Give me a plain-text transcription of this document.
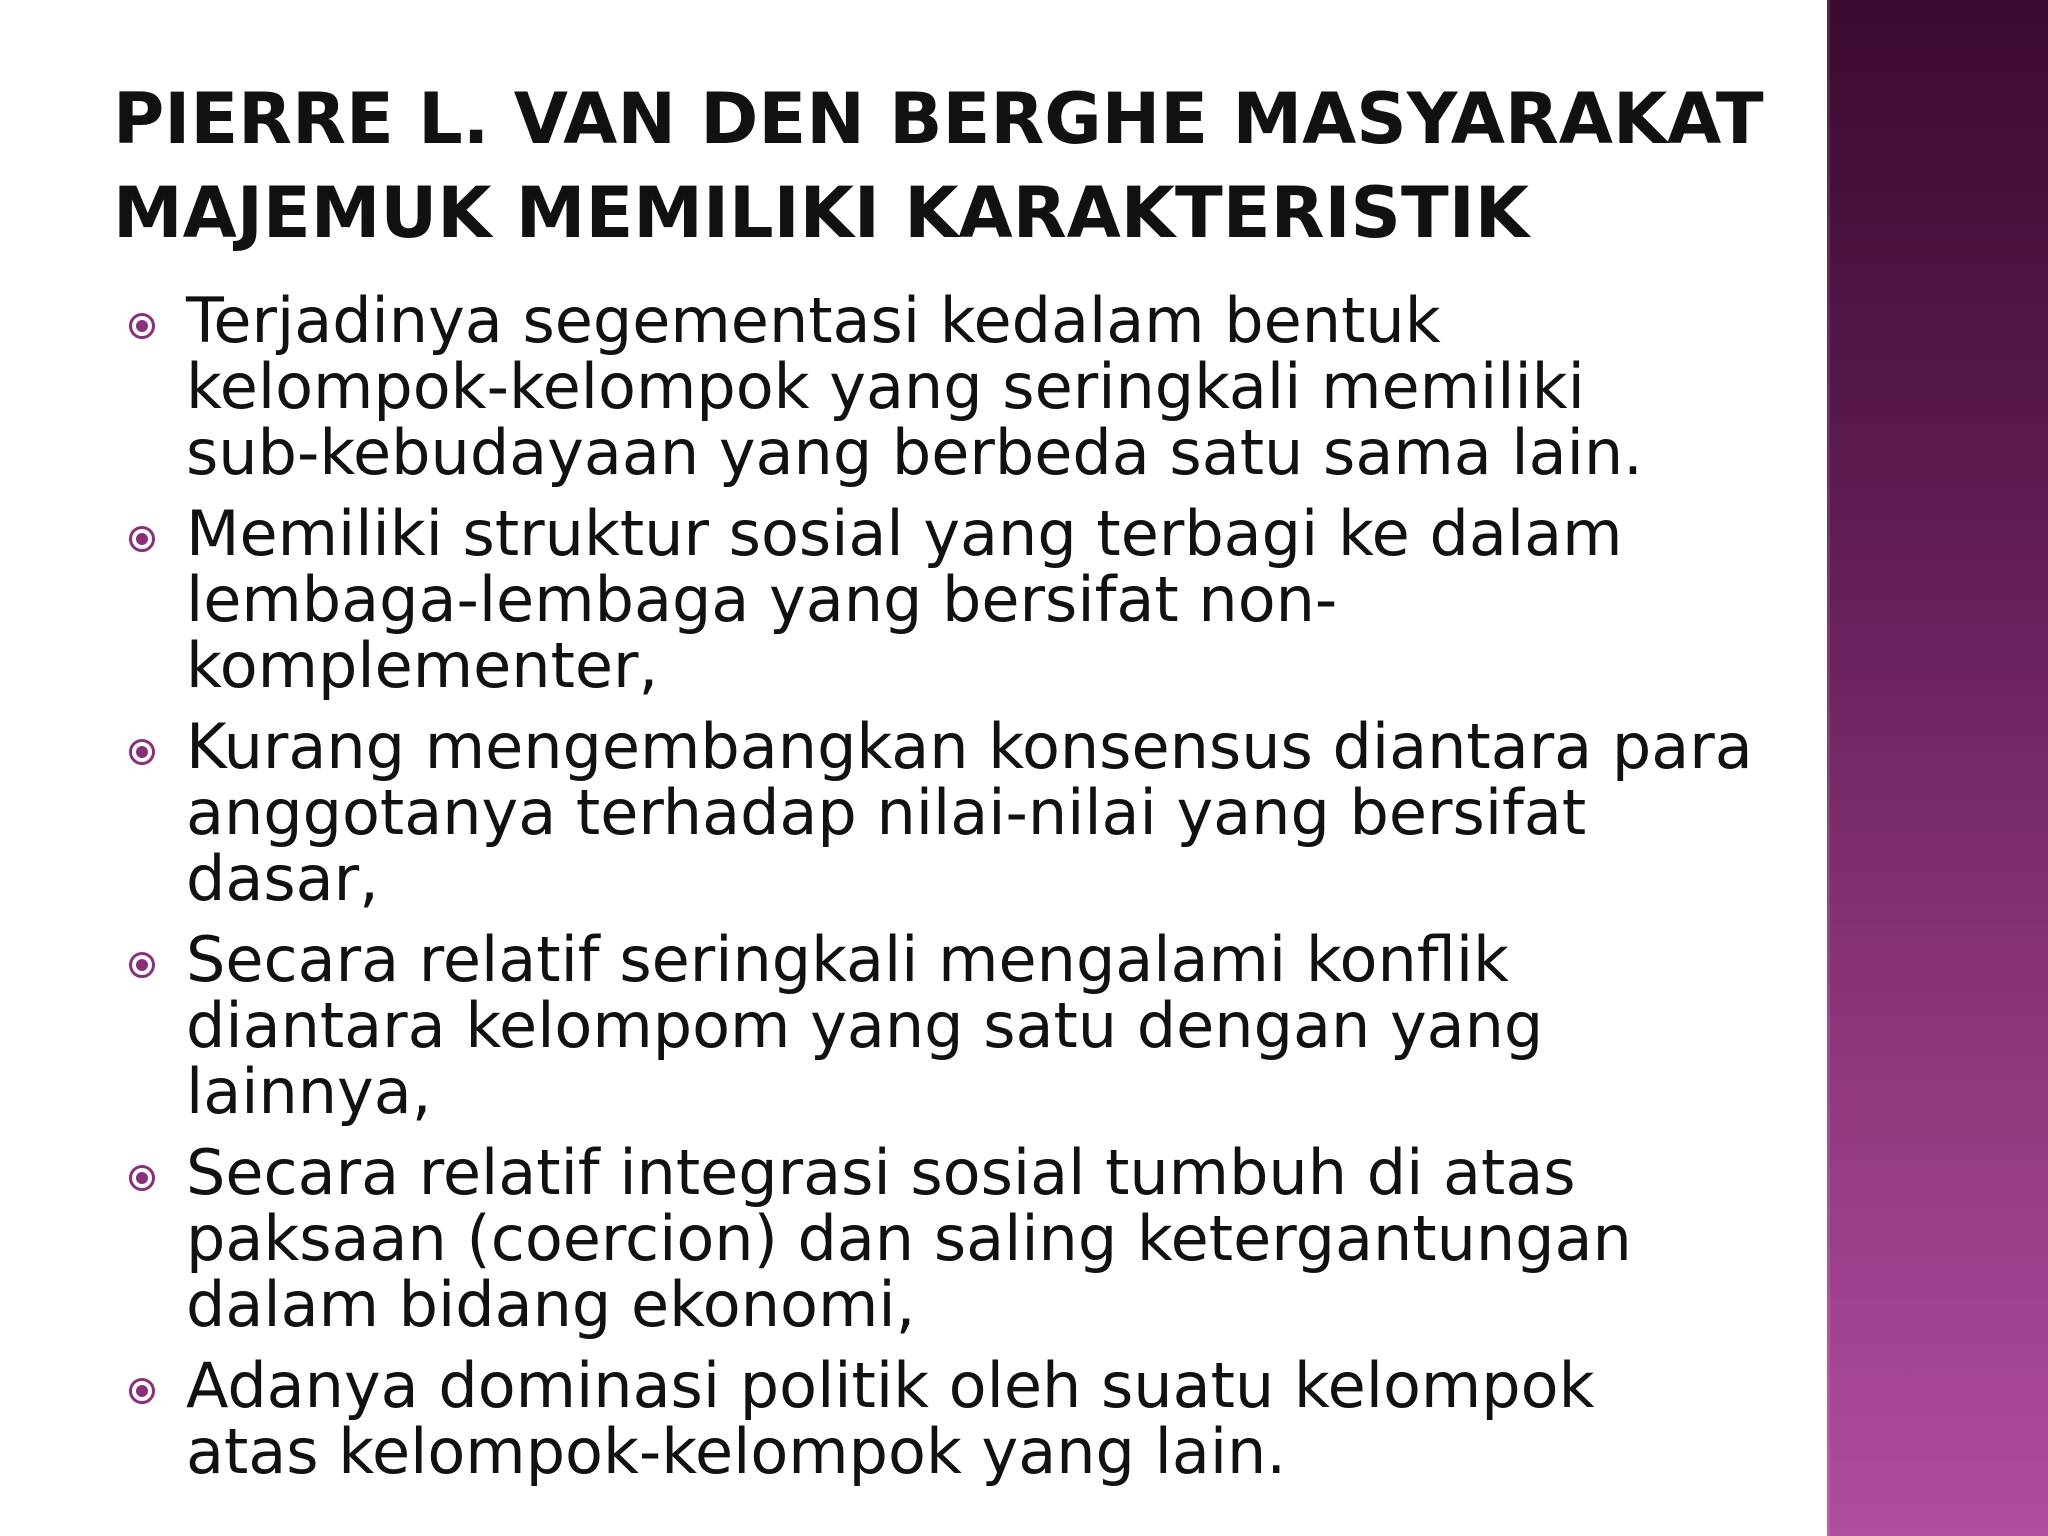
PIERRE L. VAN DEN BERGHE MASYARAKAT
MAJEMUK MEMILIKI KARAKTERISTIK
Terjadinya segementasi kedalam bentuk
kelompok-kelompok yang seringkali memiliki
sub-kebudayaan yang berbeda satu sama lain.
Memiliki struktur sosial yang terbagi ke dalam
lembaga-lembaga yang bersifat non-
komplementer,
Kurang mengembangkan konsensus diantara para
anggotanya terhadap nilai-nilai yang bersifat
dasar,
Secara relatif seringkali mengalami konflik
diantara kelompom yang satu dengan yang
lainnya,
Secara relatif integrasi sosial tumbuh di atas
paksaan (coercion) dan saling ketergantungan
dalam bidang ekonomi,
Adanya dominasi politik oleh suatu kelompok
atas kelompok-kelompok yang lain.
